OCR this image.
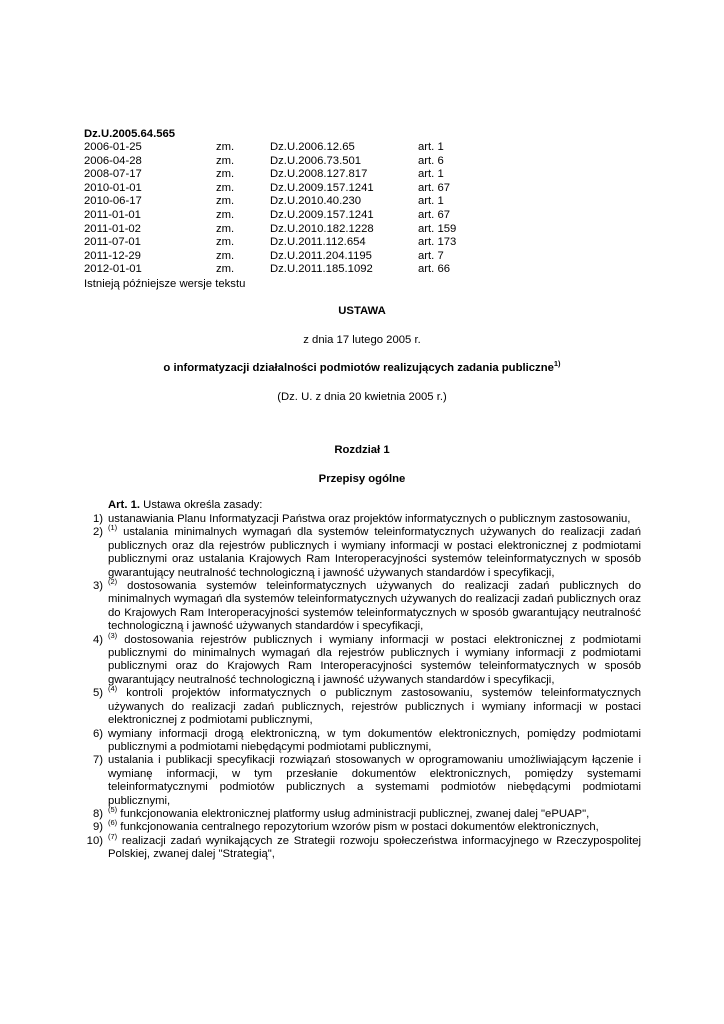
Dz.U.2005.64.565
2006-01-25	zm.	Dz.U.2006.12.65	art. 1
2006-04-28	zm.	Dz.U.2006.73.501	art. 6
2008-07-17	zm.	Dz.U.2008.127.817	art. 1
2010-01-01	zm.	Dz.U.2009.157.1241	art. 67
2010-06-17	zm.	Dz.U.2010.40.230	art. 1
2011-01-01	zm.	Dz.U.2009.157.1241	art. 67
2011-01-02	zm.	Dz.U.2010.182.1228	art. 159
2011-07-01	zm.	Dz.U.2011.112.654	art. 173
2011-12-29	zm.	Dz.U.2011.204.1195	art. 7
2012-01-01	zm.	Dz.U.2011.185.1092	art. 66
Istnieją późniejsze wersje tekstu
USTAWA
z dnia 17 lutego 2005 r.
o informatyzacji działalności podmiotów realizujących zadania publiczne$^{1)}$
(Dz. U. z dnia 20 kwietnia 2005 r.)
Rozdział 1
Przepisy ogólne
Art. 1. Ustawa określa zasady:
1) ustanawiania Planu Informatyzacji Państwa oraz projektów informatycznych o publicznym zastosowaniu,
2) $^{(1)}$ ustalania minimalnych wymagań dla systemów teleinformatycznych używanych do realizacji zadań publicznych oraz dla rejestrów publicznych i wymiany informacji w postaci elektronicznej z podmiotami publicznymi oraz ustalania Krajowych Ram Interoperacyjności systemów teleinformatycznych w sposób gwarantujący neutralność technologiczną i jawność używanych standardów i specyfikacji,
3) $^{(2)}$ dostosowania systemów teleinformatycznych używanych do realizacji zadań publicznych do minimalnych wymagań dla systemów teleinformatycznych używanych do realizacji zadań publicznych oraz do Krajowych Ram Interoperacyjności systemów teleinformatycznych w sposób gwarantujący neutralność technologiczną i jawność używanych standardów i specyfikacji,
4) $^{(3)}$ dostosowania rejestrów publicznych i wymiany informacji w postaci elektronicznej z podmiotami publicznymi do minimalnych wymagań dla rejestrów publicznych i wymiany informacji z podmiotami publicznymi oraz do Krajowych Ram Interoperacyjności systemów teleinformatycznych w sposób gwarantujący neutralność technologiczną i jawność używanych standardów i specyfikacji,
5) $^{(4)}$ kontroli projektów informatycznych o publicznym zastosowaniu, systemów teleinformatycznych używanych do realizacji zadań publicznych, rejestrów publicznych i wymiany informacji w postaci elektronicznej z podmiotami publicznymi,
6) wymiany informacji drogą elektroniczną, w tym dokumentów elektronicznych, pomiędzy podmiotami publicznymi a podmiotami niebędącymi podmiotami publicznymi,
7) ustalania i publikacji specyfikacji rozwiązań stosowanych w oprogramowaniu umożliwiającym łączenie i wymianę informacji, w tym przesłanie dokumentów elektronicznych, pomiędzy systemami teleinformatycznymi podmiotów publicznych a systemami podmiotów niebędącymi podmiotami publicznymi,
8) $^{(5)}$ funkcjonowania elektronicznej platformy usług administracji publicznej, zwanej dalej "ePUAP",
9) $^{(6)}$ funkcjonowania centralnego repozytorium wzorów pism w postaci dokumentów elektronicznych,
10) $^{(7)}$ realizacji zadań wynikających ze Strategii rozwoju społeczeństwa informacyjnego w Rzeczypospolitej Polskiej, zwanej dalej "Strategią",
